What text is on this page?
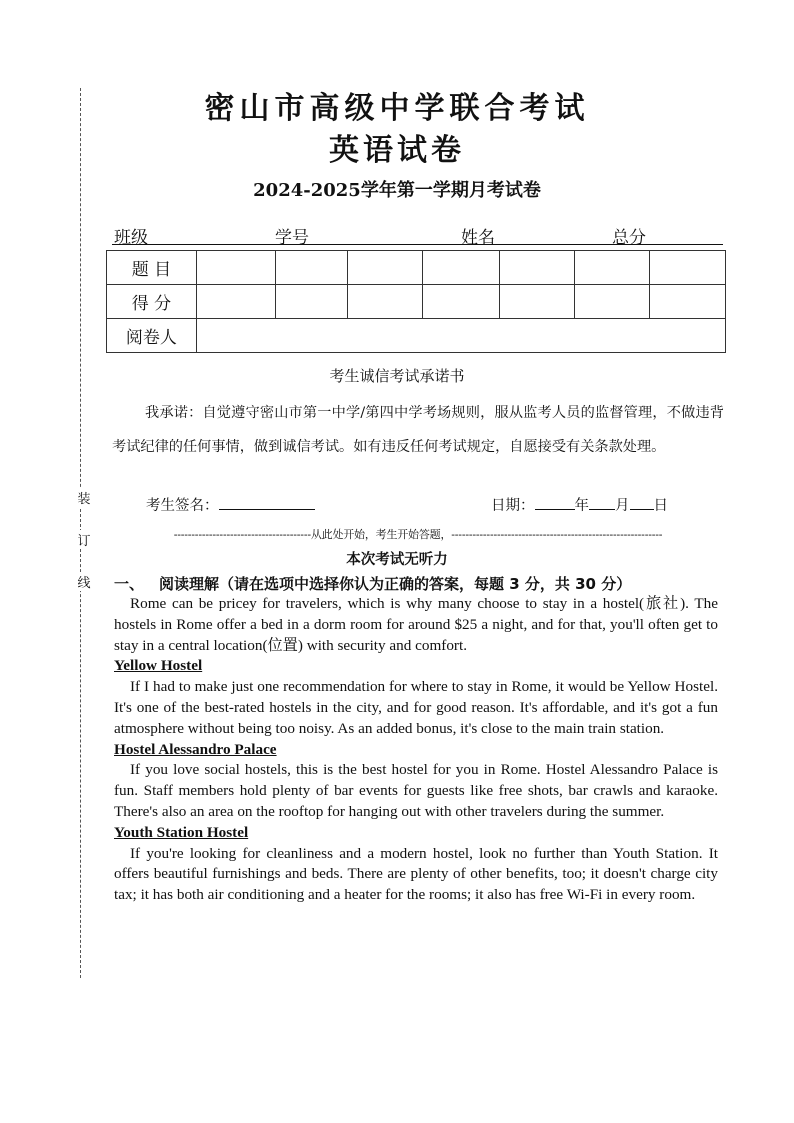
装
订
线
密山市高级中学联合考试
英语试卷
2024-2025学年第一学期月考试卷
班级	学号	姓名	总分
题 目							
得 分							
阅卷人							
考生诚信考试承诺书
我承诺：自觉遵守密山市第一中学/第四中学考场规则，服从监考人员的监督管理，不做违背考试纪律的任何事情，做到诚信考试。如有违反任何考试规定，自愿接受有关条款处理。
考生签名：	日期：	年 月 日
---------------------------------------从此处开始，考生开始答题，------------------------------------------------------------
本次考试无听力
一、 阅读理解（请在选项中选择你认为正确的答案，每题 3 分，共 30 分）

Rome can be pricey for travelers, which is why many choose to stay in a hostel(旅社). The hostels in Rome offer a bed in a dorm room for around $25 a night, and for that, you'll often get to stay in a central location(位置) with security and comfort.

Yellow Hostel

If I had to make just one recommendation for where to stay in Rome, it would be Yellow Hostel. It's one of the best-rated hostels in the city, and for good reason. It's affordable, and it's got a fun atmosphere without being too noisy. As an added bonus, it's close to the main train station.

Hostel Alessandro Palace

If you love social hostels, this is the best hostel for you in Rome. Hostel Alessandro Palace is fun. Staff members hold plenty of bar events for guests like free shots, bar crawls and karaoke. There's also an area on the rooftop for hanging out with other travelers during the summer.

Youth Station Hostel

If you're looking for cleanliness and a modern hostel, look no further than Youth Station. It offers beautiful furnishings and beds. There are plenty of other benefits, too; it doesn't charge city tax; it has both air conditioning and a heater for the rooms; it also has free Wi-Fi in every room.
